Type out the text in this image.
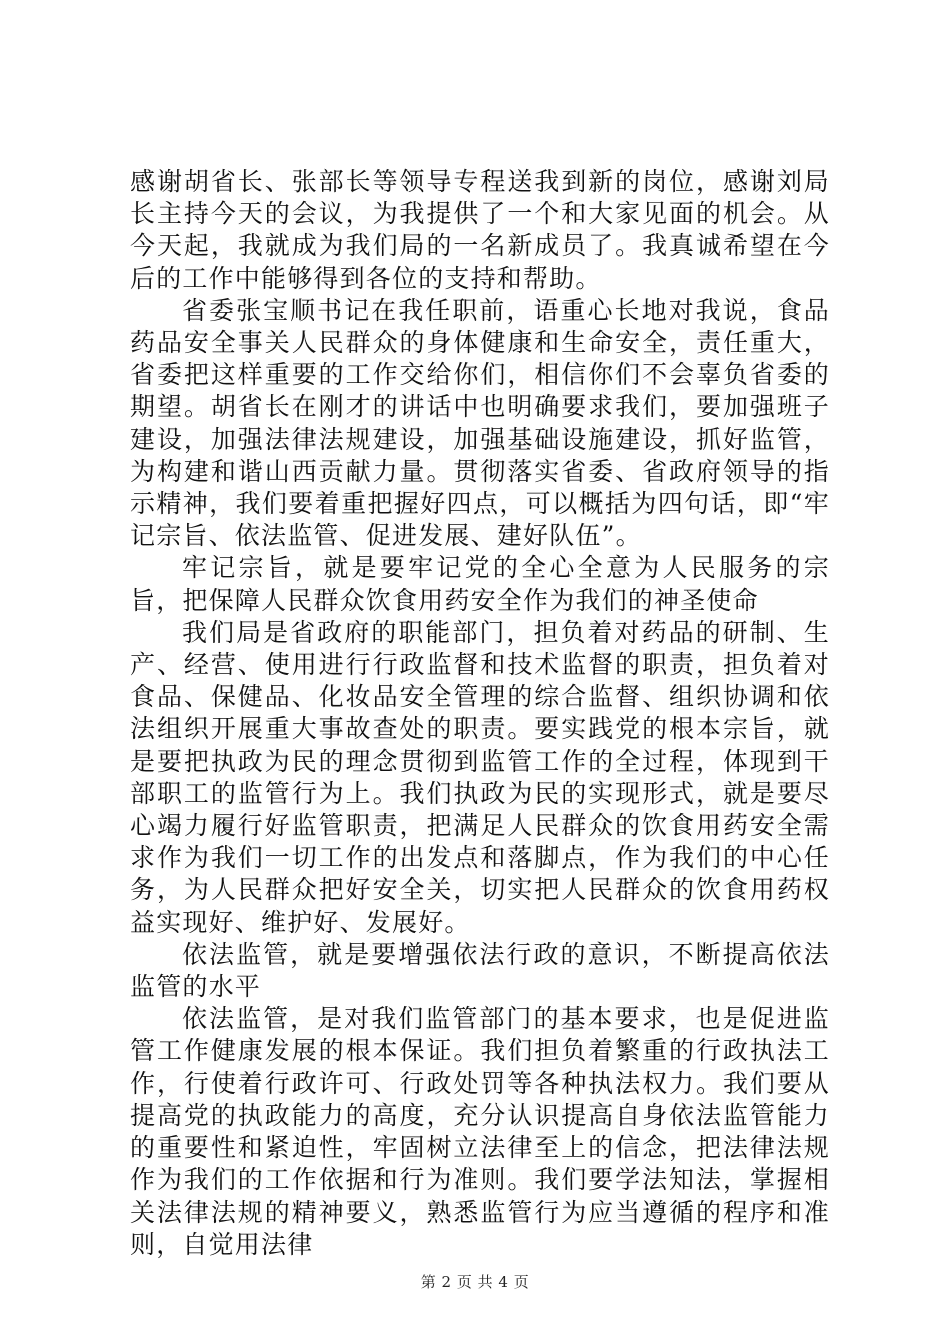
感谢胡省长、张部长等领导专程送我到新的岗位，感谢刘局长主持今天的会议，为我提供了一个和大家见面的机会。从今天起，我就成为我们局的一名新成员了。我真诚希望在今后的工作中能够得到各位的支持和帮助。

省委张宝顺书记在我任职前，语重心长地对我说，食品药品安全事关人民群众的身体健康和生命安全，责任重大，省委把这样重要的工作交给你们，相信你们不会辜负省委的期望。胡省长在刚才的讲话中也明确要求我们，要加强班子建设，加强法律法规建设，加强基础设施建设，抓好监管，为构建和谐山西贡献力量。贯彻落实省委、省政府领导的指示精神，我们要着重把握好四点，可以概括为四句话，即“牢记宗旨、依法监管、促进发展、建好队伍”。

牢记宗旨，就是要牢记党的全心全意为人民服务的宗旨，把保障人民群众饮食用药安全作为我们的神圣使命

我们局是省政府的职能部门，担负着对药品的研制、生产、经营、使用进行行政监督和技术监督的职责，担负着对食品、保健品、化妆品安全管理的综合监督、组织协调和依法组织开展重大事故查处的职责。要实践党的根本宗旨，就是要把执政为民的理念贯彻到监管工作的全过程，体现到干部职工的监管行为上。我们执政为民的实现形式，就是要尽心竭力履行好监管职责，把满足人民群众的饮食用药安全需求作为我们一切工作的出发点和落脚点，作为我们的中心任务，为人民群众把好安全关，切实把人民群众的饮食用药权益实现好、维护好、发展好。

依法监管，就是要增强依法行政的意识，不断提高依法监管的水平

依法监管，是对我们监管部门的基本要求，也是促进监管工作健康发展的根本保证。我们担负着繁重的行政执法工作，行使着行政许可、行政处罚等各种执法权力。我们要从提高党的执政能力的高度，充分认识提高自身依法监管能力的重要性和紧迫性，牢固树立法律至上的信念，把法律法规作为我们的工作依据和行为准则。我们要学法知法，掌握相关法律法规的精神要义，熟悉监管行为应当遵循的程序和准则，自觉用法律

第 2 页 共 4 页
